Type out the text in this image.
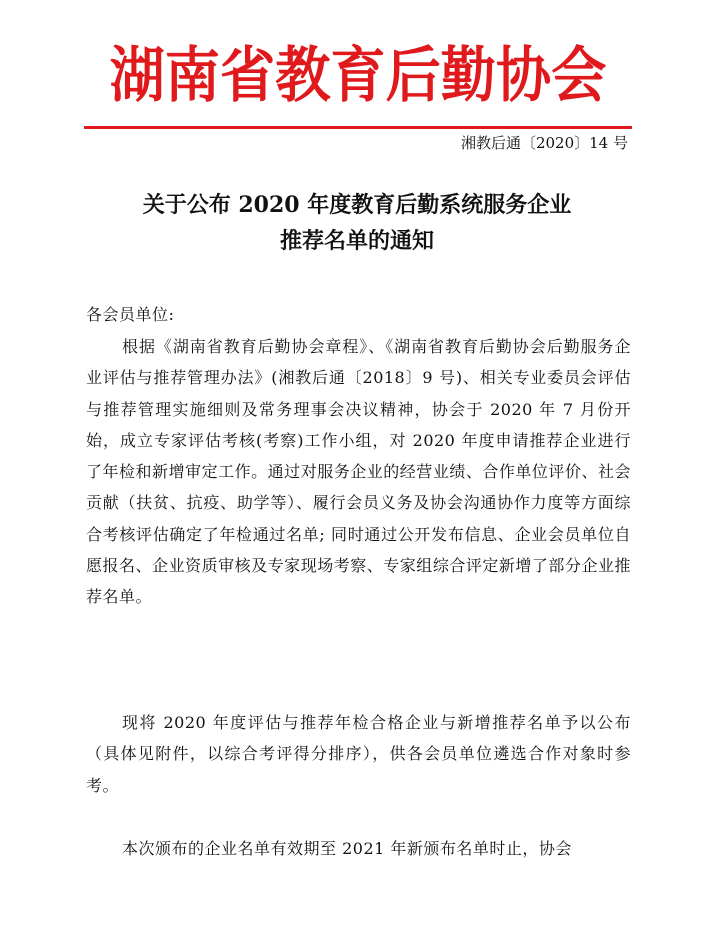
湖南省教育后勤协会
湘教后通〔2020〕14 号
关于公布 2020 年度教育后勤系统服务企业
推荐名单的通知
各会员单位:
根据《湖南省教育后勤协会章程》、《湖南省教育后勤协会后勤服务企业评估与推荐管理办法》(湘教后通〔2018〕9 号)、相关专业委员会评估与推荐管理实施细则及常务理事会决议精神，协会于 2020 年 7 月份开始，成立专家评估考核(考察)工作小组，对 2020 年度申请推荐企业进行了年检和新增审定工作。通过对服务企业的经营业绩、合作单位评价、社会贡献（扶贫、抗疫、助学等）、履行会员义务及协会沟通协作力度等方面综合考核评估确定了年检通过名单; 同时通过公开发布信息、企业会员单位自愿报名、企业资质审核及专家现场考察、专家组综合评定新增了部分企业推荐名单。
现将 2020 年度评估与推荐年检合格企业与新增推荐名单予以公布（具体见附件，以综合考评得分排序），供各会员单位遴选合作对象时参考。
本次颁布的企业名单有效期至 2021 年新颁布名单时止，协会
